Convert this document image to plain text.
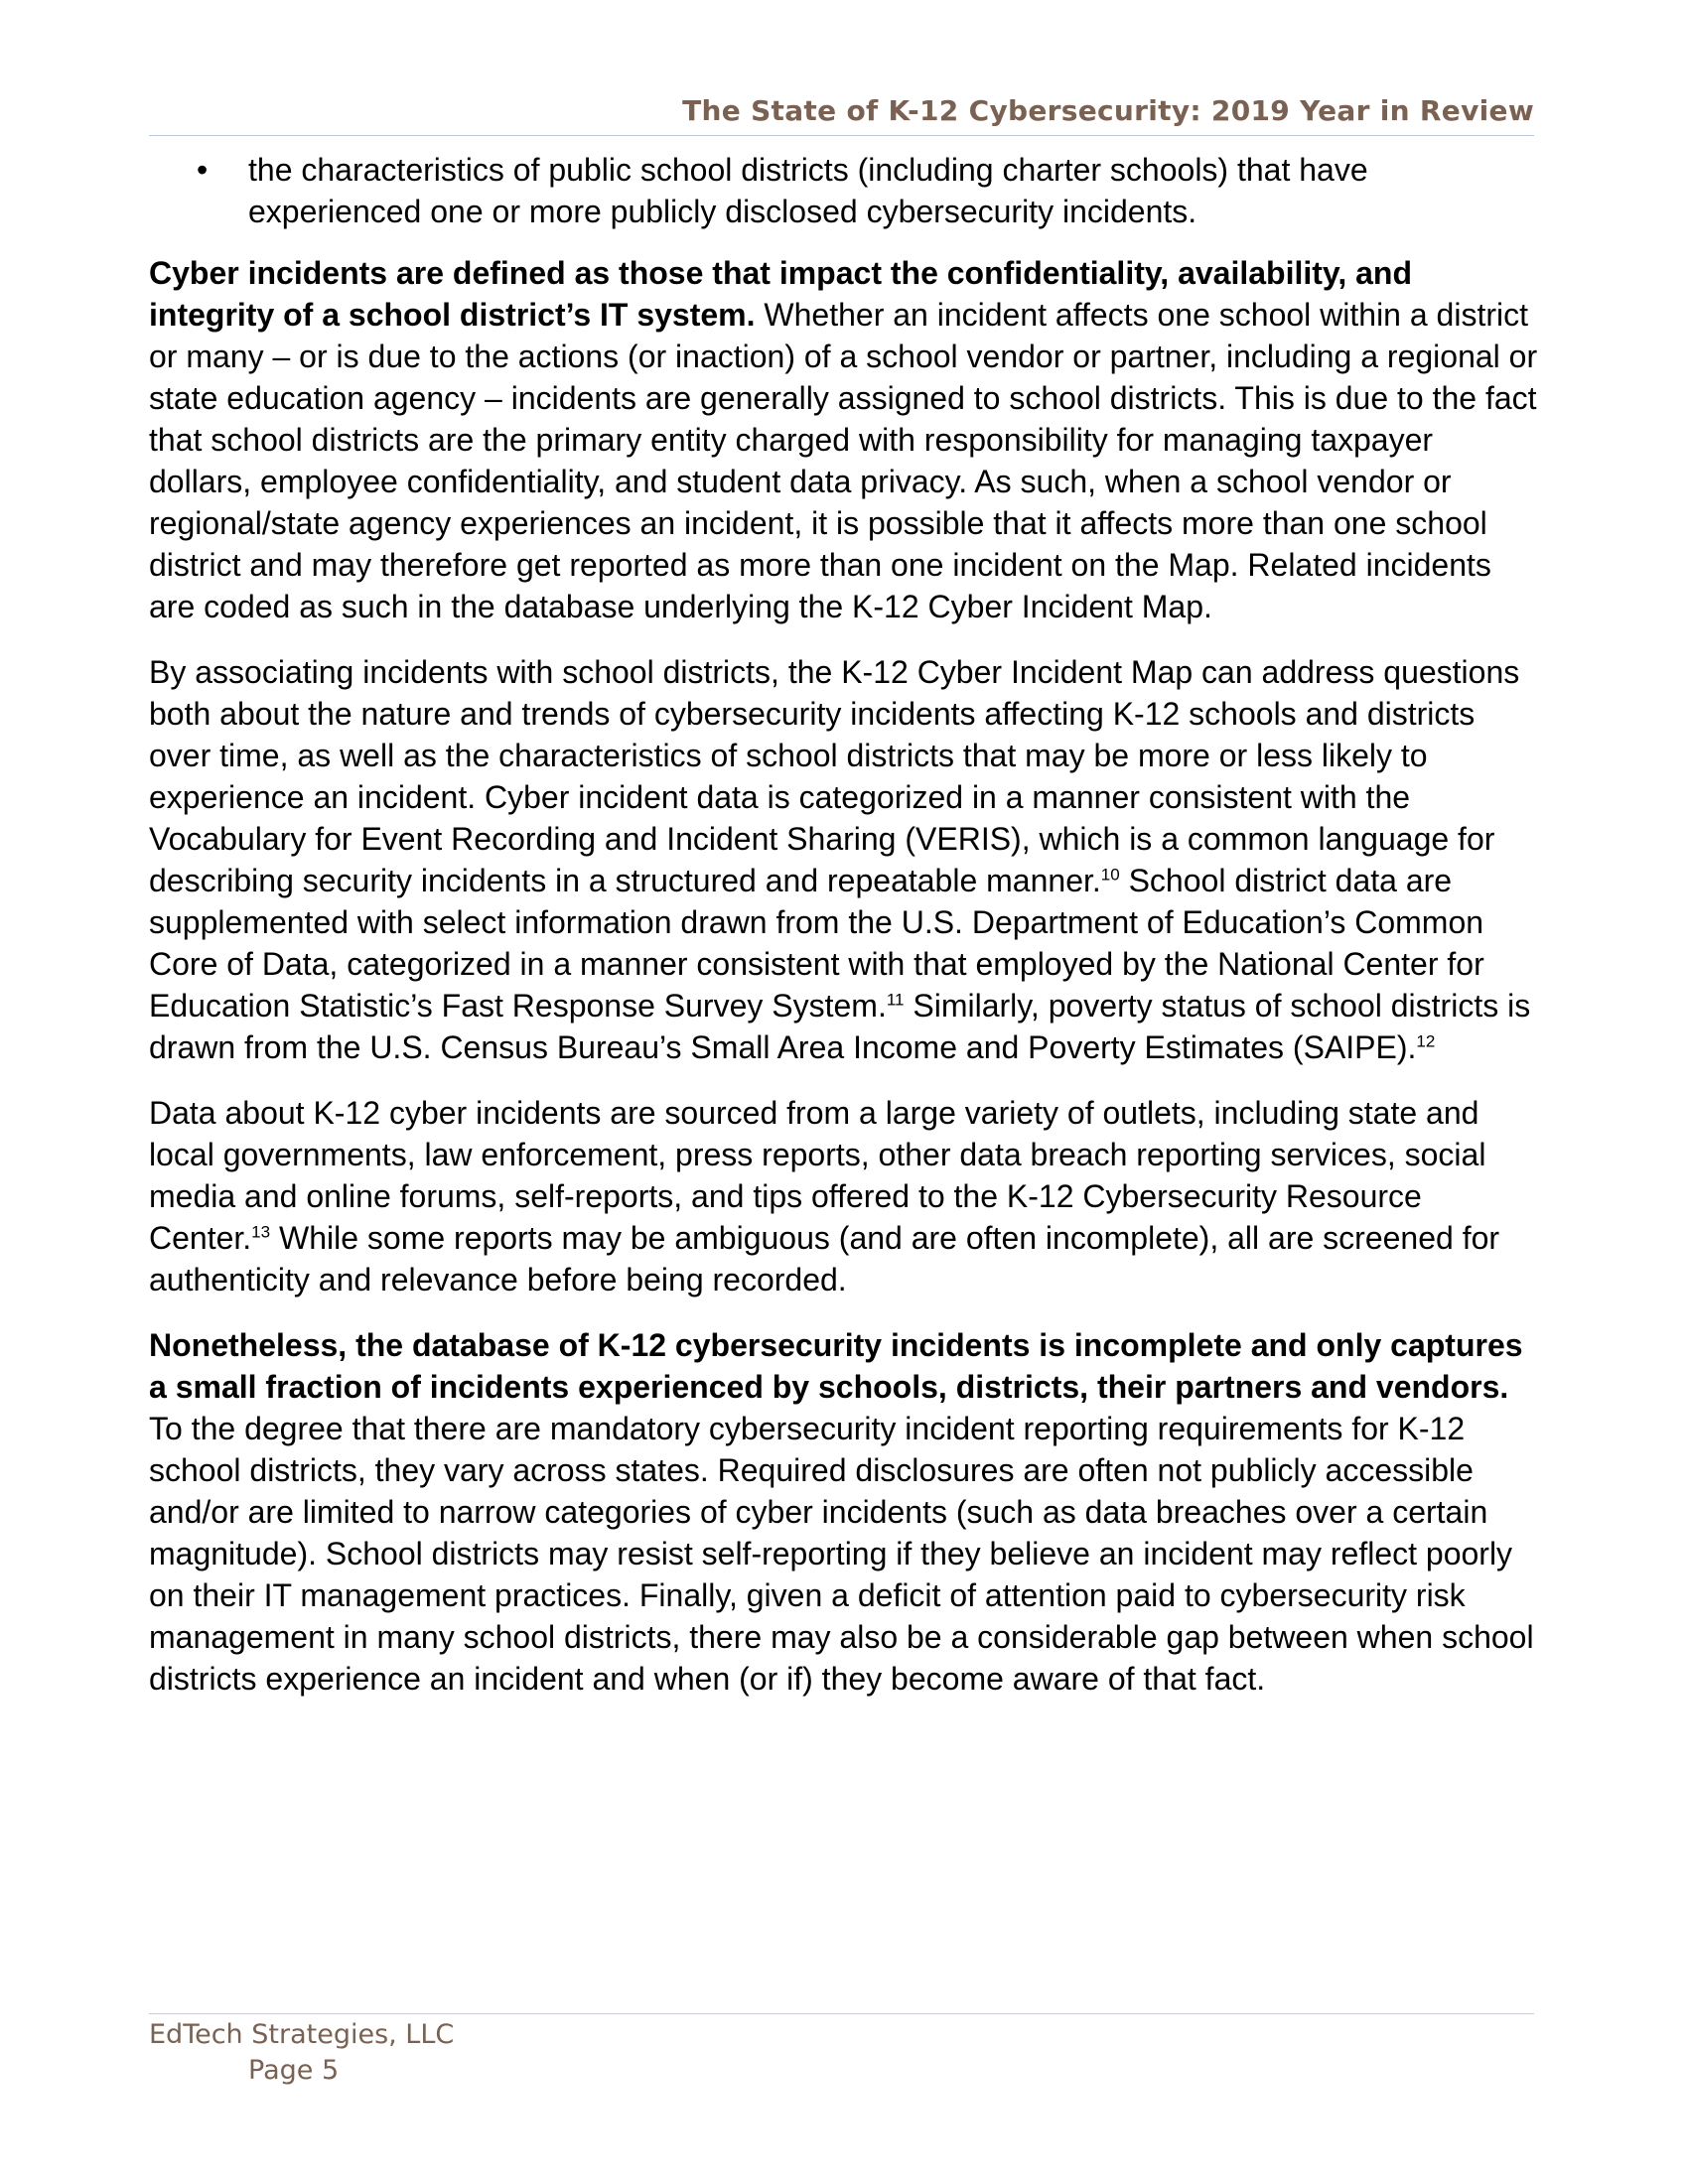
The State of K-12 Cybersecurity: 2019 Year in Review
•	the characteristics of public school districts (including charter schools) that have experienced one or more publicly disclosed cybersecurity incidents.

Cyber incidents are defined as those that impact the confidentiality, availability, and integrity of a school district’s IT system. Whether an incident affects one school within a district or many – or is due to the actions (or inaction) of a school vendor or partner, including a regional or state education agency – incidents are generally assigned to school districts. This is due to the fact that school districts are the primary entity charged with responsibility for managing taxpayer dollars, employee confidentiality, and student data privacy. As such, when a school vendor or regional/state agency experiences an incident, it is possible that it affects more than one school district and may therefore get reported as more than one incident on the Map. Related incidents are coded as such in the database underlying the K-12 Cyber Incident Map.

By associating incidents with school districts, the K-12 Cyber Incident Map can address questions both about the nature and trends of cybersecurity incidents affecting K-12 schools and districts over time, as well as the characteristics of school districts that may be more or less likely to experience an incident. Cyber incident data is categorized in a manner consistent with the Vocabulary for Event Recording and Incident Sharing (VERIS), which is a common language for describing security incidents in a structured and repeatable manner.$^{10}$ School district data are supplemented with select information drawn from the U.S. Department of Education’s Common Core of Data, categorized in a manner consistent with that employed by the National Center for Education Statistic’s Fast Response Survey System.$^{11}$ Similarly, poverty status of school districts is drawn from the U.S. Census Bureau’s Small Area Income and Poverty Estimates (SAIPE).$^{12}$

Data about K-12 cyber incidents are sourced from a large variety of outlets, including state and local governments, law enforcement, press reports, other data breach reporting services, social media and online forums, self-reports, and tips offered to the K-12 Cybersecurity Resource Center.$^{13}$ While some reports may be ambiguous (and are often incomplete), all are screened for authenticity and relevance before being recorded.

Nonetheless, the database of K-12 cybersecurity incidents is incomplete and only captures a small fraction of incidents experienced by schools, districts, their partners and vendors. To the degree that there are mandatory cybersecurity incident reporting requirements for K-12 school districts, they vary across states. Required disclosures are often not publicly accessible and/or are limited to narrow categories of cyber incidents (such as data breaches over a certain magnitude). School districts may resist self-reporting if they believe an incident may reflect poorly on their IT management practices. Finally, given a deficit of attention paid to cybersecurity risk management in many school districts, there may also be a considerable gap between when school districts experience an incident and when (or if) they become aware of that fact.

EdTech Strategies, LLC
Page 5
